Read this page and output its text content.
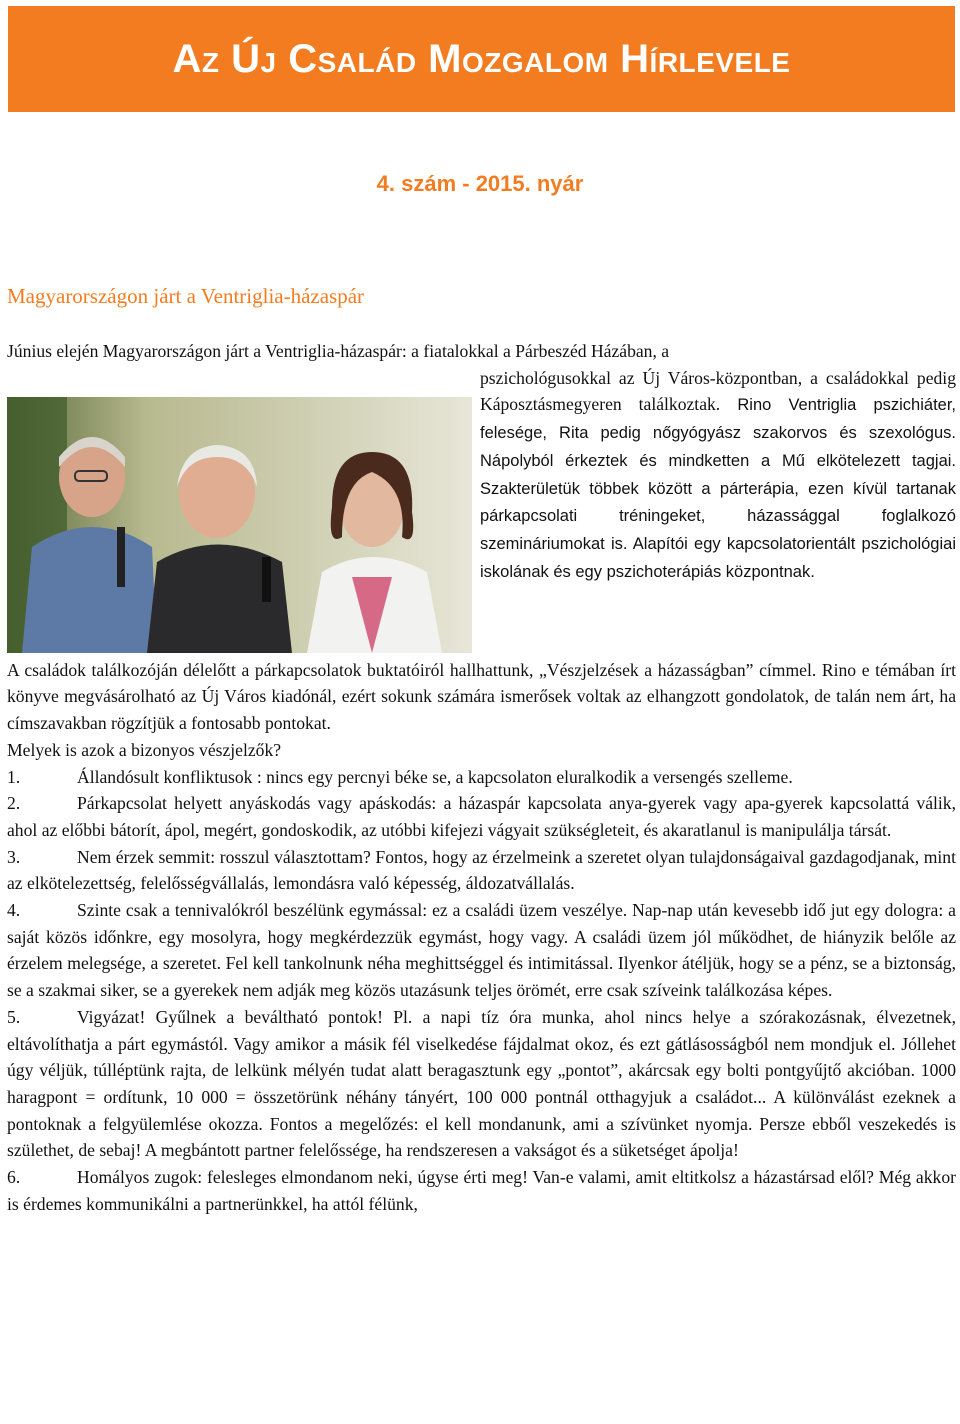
Az Új Család Mozgalom Hírlevele
4. szám - 2015. nyár
Magyarországon járt a Ventriglia-házaspár

Június elején Magyarországon járt a Ventriglia-házaspár: a fiatalokkal a Párbeszéd Házában, a

pszichológusokkal az Új Város-központban, a családokkal pedig Káposztásmegyeren találkoztak. Rino Ventriglia pszichiáter, felesége, Rita pedig nőgyógyász szakorvos és szexológus. Nápolyból érkeztek és mindketten a Mű elkötelezett tagjai. Szakterületük többek között a párterápia, ezen kívül tartanak párkapcsolati tréningeket, házassággal foglalkozó szemináriumokat is. Alapítói egy kapcsolatorientált pszichológiai iskolának és egy pszichoterápiás központnak.

A családok találkozóján délelőtt a párkapcsolatok buktatóiról hallhattunk, „Vészjelzések a házasságban” címmel. Rino e témában írt könyve megvásárolható az Új Város kiadónál, ezért sokunk számára ismerősek voltak az elhangzott gondolatok, de talán nem árt, ha címszavakban rögzítjük a fontosabb pontokat.

Melyek is azok a bizonyos vészjelzők?

1.	Állandósult konfliktusok : nincs egy percnyi béke se, a kapcsolaton eluralkodik a versengés szelleme.

2.	Párkapcsolat helyett anyáskodás vagy apáskodás: a házaspár kapcsolata anya-gyerek vagy apa-gyerek kapcsolattá válik, ahol az előbbi bátorít, ápol, megért, gondoskodik, az utóbbi kifejezi vágyait szükségleteit, és akaratlanul is manipulálja társát.

3.	Nem érzek semmit: rosszul választottam? Fontos, hogy az érzelmeink a szeretet olyan tulajdonságaival gazdagodjanak, mint az elkötelezettség, felelősségvállalás, lemondásra való képesség, áldozatvállalás.

4.	Szinte csak a tennivalókról beszélünk egymással: ez a családi üzem veszélye. Nap-nap után kevesebb idő jut egy dologra: a saját közös időnkre, egy mosolyra, hogy megkérdezzük egymást, hogy vagy. A családi üzem jól működhet, de hiányzik belőle az érzelem melegsége, a szeretet. Fel kell tankolnunk néha meghittséggel és intimitással. Ilyenkor átéljük, hogy se a pénz, se a biztonság, se a szakmai siker, se a gyerekek nem adják meg közös utazásunk teljes örömét, erre csak szíveink találkozása képes.

5.	Vigyázat! Gyűlnek a beváltható pontok! Pl. a napi tíz óra munka, ahol nincs helye a szórakozásnak, élvezetnek, eltávolíthatja a párt egymástól. Vagy amikor a másik fél viselkedése fájdalmat okoz, és ezt gátlásosságból nem mondjuk el. Jóllehet úgy véljük, túlléptünk rajta, de lelkünk mélyén tudat alatt beragasztunk egy „pontot”, akárcsak egy bolti pontgyűjtő akcióban. 1000 haragpont = ordítunk, 10 000 = összetörünk néhány tányért, 100 000 pontnál otthagyjuk a családot... A különválást ezeknek a pontoknak a felgyülemlése okozza. Fontos a megelőzés: el kell mondanunk, ami a szívünket nyomja. Persze ebből veszekedés is születhet, de sebaj! A megbántott partner felelőssége, ha rendszeresen a vakságot és a süketséget ápolja!

6.	Homályos zugok: felesleges elmondanom neki, úgyse érti meg! Van-e valami, amit eltitkolsz a házastársad elől? Még akkor is érdemes kommunikálni a partnerünkkel, ha attól félünk,
